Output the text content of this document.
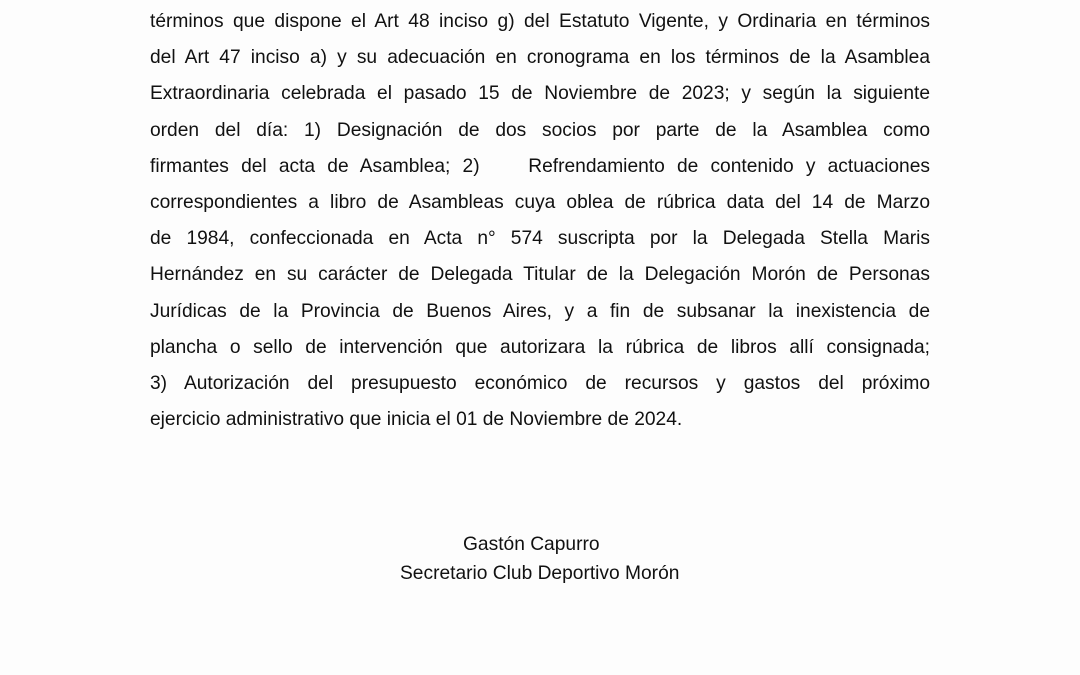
términos que dispone el Art 48 inciso g) del Estatuto Vigente, y Ordinaria en términos
del Art 47 inciso a) y su adecuación en cronograma en los términos de la Asamblea
Extraordinaria celebrada el pasado 15 de Noviembre de 2023; y según la siguiente
orden del día: 1) Designación de dos socios por parte de la Asamblea como
firmantes del acta de Asamblea; 2)    Refrendamiento de contenido y actuaciones
correspondientes a libro de Asambleas cuya oblea de rúbrica data del 14 de Marzo
de 1984, confeccionada en Acta n° 574 suscripta por la Delegada Stella Maris
Hernández en su carácter de Delegada Titular de la Delegación Morón de Personas
Jurídicas de la Provincia de Buenos Aires, y a fin de subsanar la inexistencia de
plancha o sello de intervención que autorizara la rúbrica de libros allí consignada;
3) Autorización del presupuesto económico de recursos y gastos del próximo
ejercicio administrativo que inicia el 01 de Noviembre de 2024.
Gastón Capurro
Secretario Club Deportivo Morón
